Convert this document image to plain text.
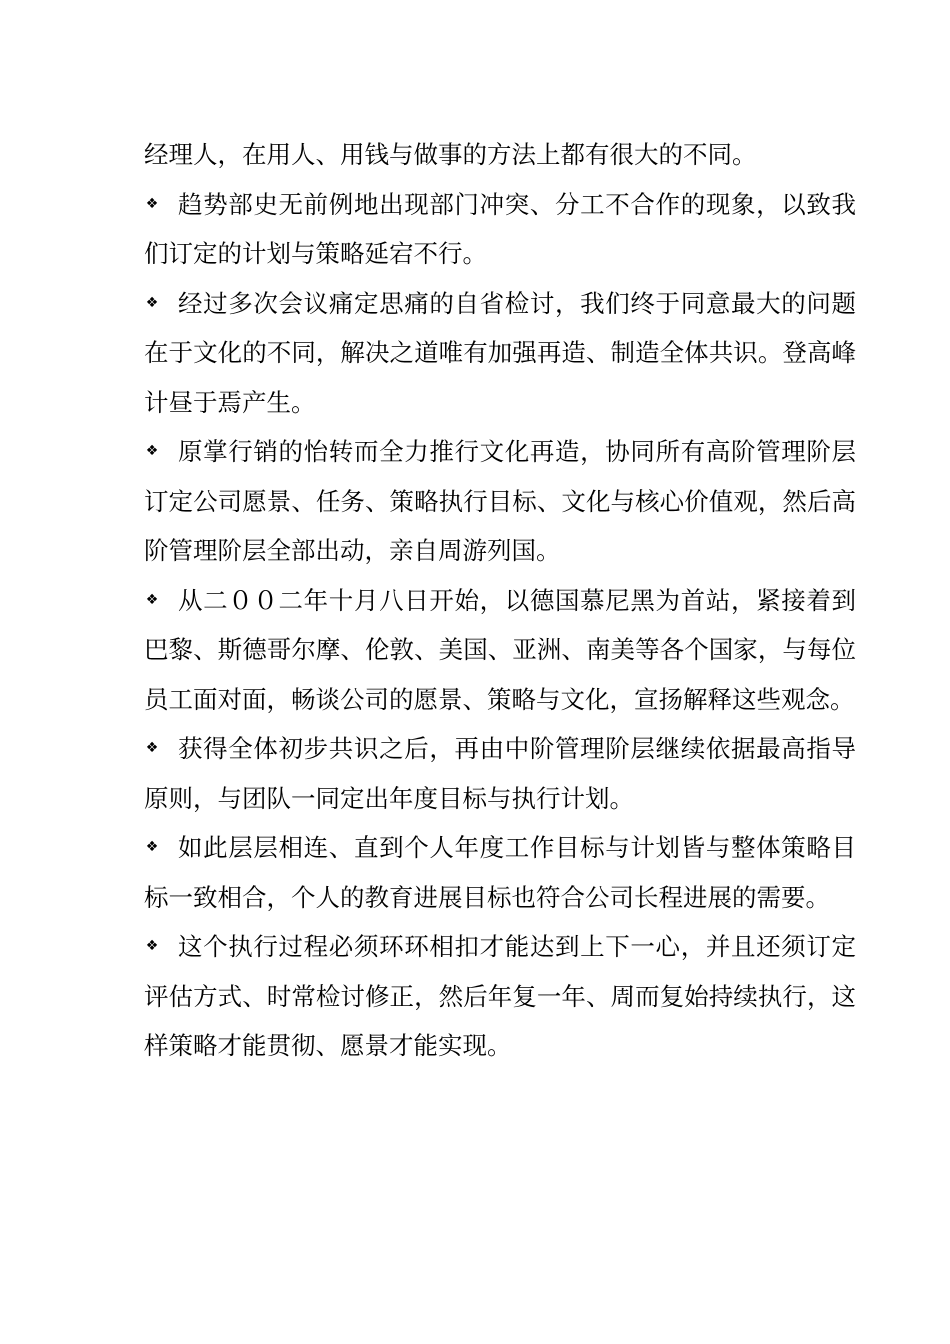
经理人，在用人、用钱与做事的方法上都有很大的不同。

❖ 趋势部史无前例地出现部门冲突、分工不合作的现象，以致我们订定的计划与策略延宕不行。

❖ 经过多次会议痛定思痛的自省检讨，我们终于同意最大的问题在于文化的不同，解决之道唯有加强再造、制造全体共识。登高峰计昼于焉产生。

❖ 原掌行销的怡转而全力推行文化再造，协同所有高阶管理阶层订定公司愿景、任务、策略执行目标、文化与核心价值观，然后高阶管理阶层全部出动，亲自周游列国。

❖ 从二００二年十月八日开始，以德国慕尼黑为首站，紧接着到巴黎、斯德哥尔摩、伦敦、美国、亚洲、南美等各个国家，与每位员工面对面，畅谈公司的愿景、策略与文化，宣扬解释这些观念。

❖ 获得全体初步共识之后，再由中阶管理阶层继续依据最高指导原则，与团队一同定出年度目标与执行计划。

❖ 如此层层相连、直到个人年度工作目标与计划皆与整体策略目标一致相合，个人的教育进展目标也符合公司长程进展的需要。

❖ 这个执行过程必须环环相扣才能达到上下一心，并且还须订定评估方式、时常检讨修正，然后年复一年、周而复始持续执行，这样策略才能贯彻、愿景才能实现。
